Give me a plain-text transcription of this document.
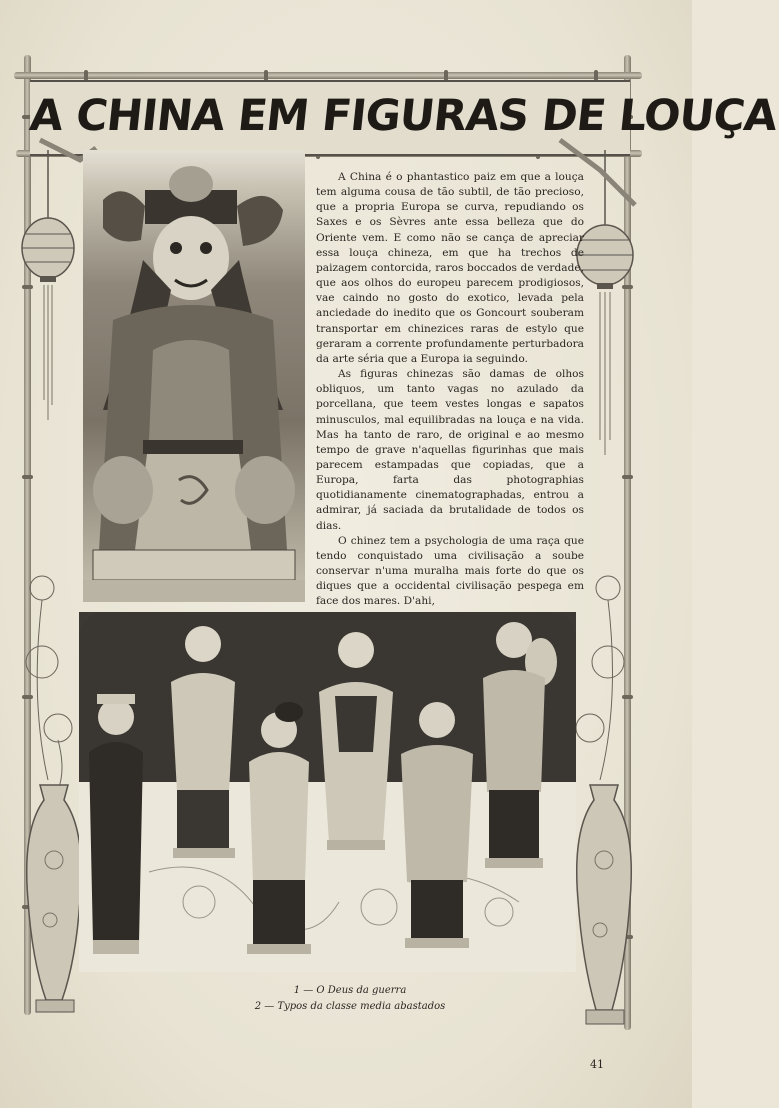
A CHINA EM FIGURAS DE LOUÇA

A China é o phantastico paiz em que a louça tem alguma cousa de tão subtil, de tão precioso, que a propria Europa se curva, repudiando os Saxes e os Sèvres ante essa belleza que do Oriente vem. E como não se cança de apreciar essa louça chineza, em que ha trechos de paizagem contorcida, raros boccados de verdade, que aos olhos do europeu parecem prodigiosos, vae caindo no gosto do exotico, levada pela anciedade do inedito que os Goncourt souberam transportar em chinezices raras de estylo que geraram a corrente profundamente perturbadora da arte séria que a Europa ia seguindo.

As figuras chinezas são damas de olhos obliquos, um tanto vagas no azulado da porcellana, que teem vestes longas e sapatos minusculos, mal equilibradas na louça e na vida. Mas ha tanto de raro, de original e ao mesmo tempo de grave n'aquellas figurinhas que mais parecem estampadas que copiadas, que a Europa, farta das photographias quotidianamente cinematographadas, entrou a admirar, já saciada da brutalidade de todos os dias.

O chinez tem a psychologia de uma raça que tendo conquistado uma civilisação a soube conservar n'uma muralha mais forte do que os diques que a occidental civilisação pespega em face dos mares. D'ahi,

1 — O Deus da guerra
2 — Typos da classe media abastados
41
